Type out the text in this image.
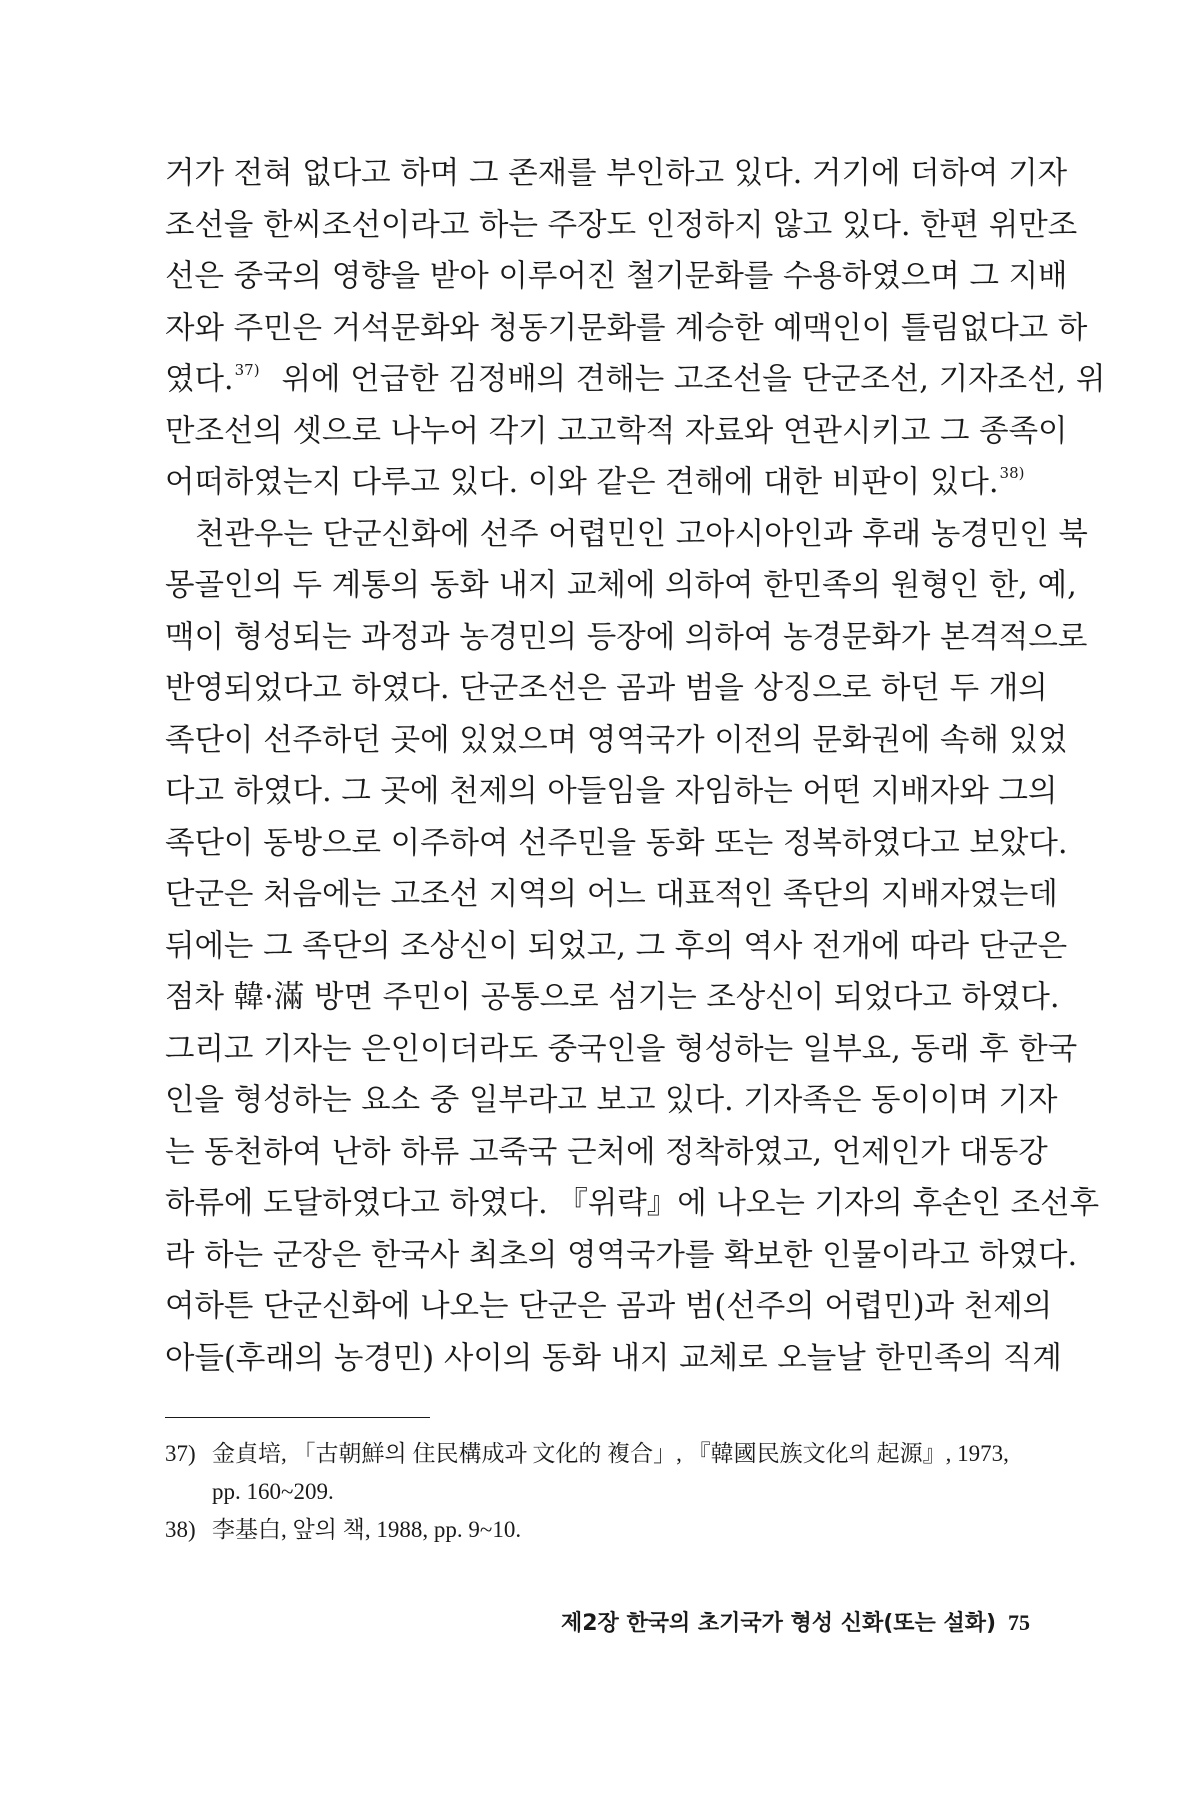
거가 전혀 없다고 하며 그 존재를 부인하고 있다. 거기에 더하여 기자
조선을 한씨조선이라고 하는 주장도 인정하지 않고 있다. 한편 위만조
선은 중국의 영향을 받아 이루어진 철기문화를 수용하였으며 그 지배
자와 주민은 거석문화와 청동기문화를 계승한 예맥인이 틀림없다고 하
였다.$^{37)}$ 위에 언급한 김정배의 견해는 고조선을 단군조선, 기자조선, 위
만조선의 셋으로 나누어 각기 고고학적 자료와 연관시키고 그 종족이
어떠하였는지 다루고 있다. 이와 같은 견해에 대한 비판이 있다.$^{38)}$
천관우는 단군신화에 선주 어렵민인 고아시아인과 후래 농경민인 북
몽골인의 두 계통의 동화 내지 교체에 의하여 한민족의 원형인 한, 예,
맥이 형성되는 과정과 농경민의 등장에 의하여 농경문화가 본격적으로
반영되었다고 하였다. 단군조선은 곰과 범을 상징으로 하던 두 개의
족단이 선주하던 곳에 있었으며 영역국가 이전의 문화권에 속해 있었
다고 하였다. 그 곳에 천제의 아들임을 자임하는 어떤 지배자와 그의
족단이 동방으로 이주하여 선주민을 동화 또는 정복하였다고 보았다.
단군은 처음에는 고조선 지역의 어느 대표적인 족단의 지배자였는데
뒤에는 그 족단의 조상신이 되었고, 그 후의 역사 전개에 따라 단군은
점차 韓·滿 방면 주민이 공통으로 섬기는 조상신이 되었다고 하였다.
그리고 기자는 은인이더라도 중국인을 형성하는 일부요, 동래 후 한국
인을 형성하는 요소 중 일부라고 보고 있다. 기자족은 동이이며 기자
는 동천하여 난하 하류 고죽국 근처에 정착하였고, 언제인가 대동강
하류에 도달하였다고 하였다. 『위략』에 나오는 기자의 후손인 조선후
라 하는 군장은 한국사 최초의 영역국가를 확보한 인물이라고 하였다.
여하튼 단군신화에 나오는 단군은 곰과 범(선주의 어렵민)과 천제의
아들(후래의 농경민) 사이의 동화 내지 교체로 오늘날 한민족의 직계
37) 金貞培, 「古朝鮮의 住民構成과 文化的 複合」, 『韓國民族文化의 起源』, 1973,
pp. 160~209.
38) 李基白, 앞의 책, 1988, pp. 9~10.
제2장 한국의 초기국가 형성 신화(또는 설화) 75
